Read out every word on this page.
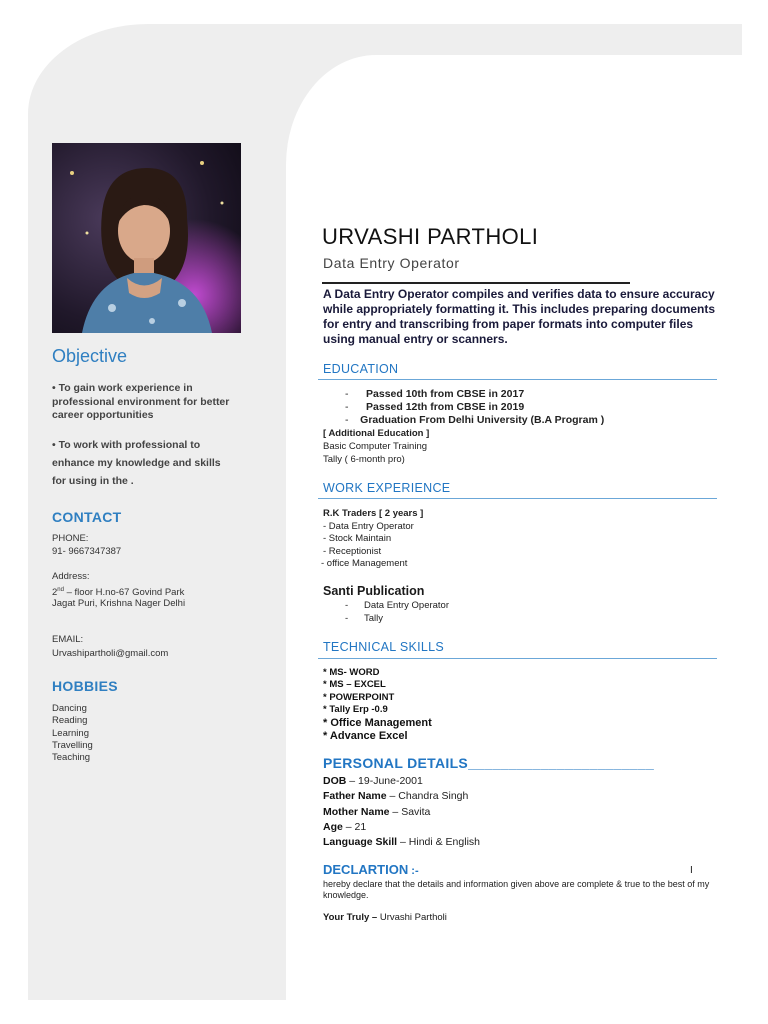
Objective
• To gain work experience in professional environment for better career opportunities
• To work with professional to enhance my knowledge and skills for using in the .
CONTACT
PHONE:
91- 9667347387
Address:
2nd – floor H.no-67 Govind Park
Jagat Puri, Krishna Nager Delhi
EMAIL:
Urvashipartholi@gmail.com
HOBBIES
Dancing
Reading
Learning
Travelling
Teaching
URVASHI PARTHOLI
Data Entry Operator
A Data Entry Operator compiles and verifies data to ensure accuracy while appropriately formatting it. This includes preparing documents for entry and transcribing from paper formats into computer files using manual entry or scanners.
EDUCATION
- Passed 10th from CBSE in 2017
- Passed 12th from CBSE in 2019
- Graduation From Delhi University (B.A Program )
[ Additional Education ]
Basic Computer Training
Tally ( 6-month pro)
WORK EXPERIENCE
R.K Traders [ 2 years ]
- Data Entry Operator
- Stock Maintain
- Receptionist
- office Management
Santi Publication
-      Data Entry Operator
-      Tally
TECHNICAL SKILLS
* MS- WORD
* MS – EXCEL
* POWERPOINT
* Tally Erp -0.9
* Office Management
* Advance Excel
PERSONAL DETAILS_______________________
DOB – 19-June-2001
Father Name – Chandra Singh
Mother Name – Savita
Age – 21
Language Skill – Hindi & English
DECLARTION :-	I
hereby declare that the details and information given above are complete & true to the best of my knowledge.
Your Truly – Urvashi Partholi
